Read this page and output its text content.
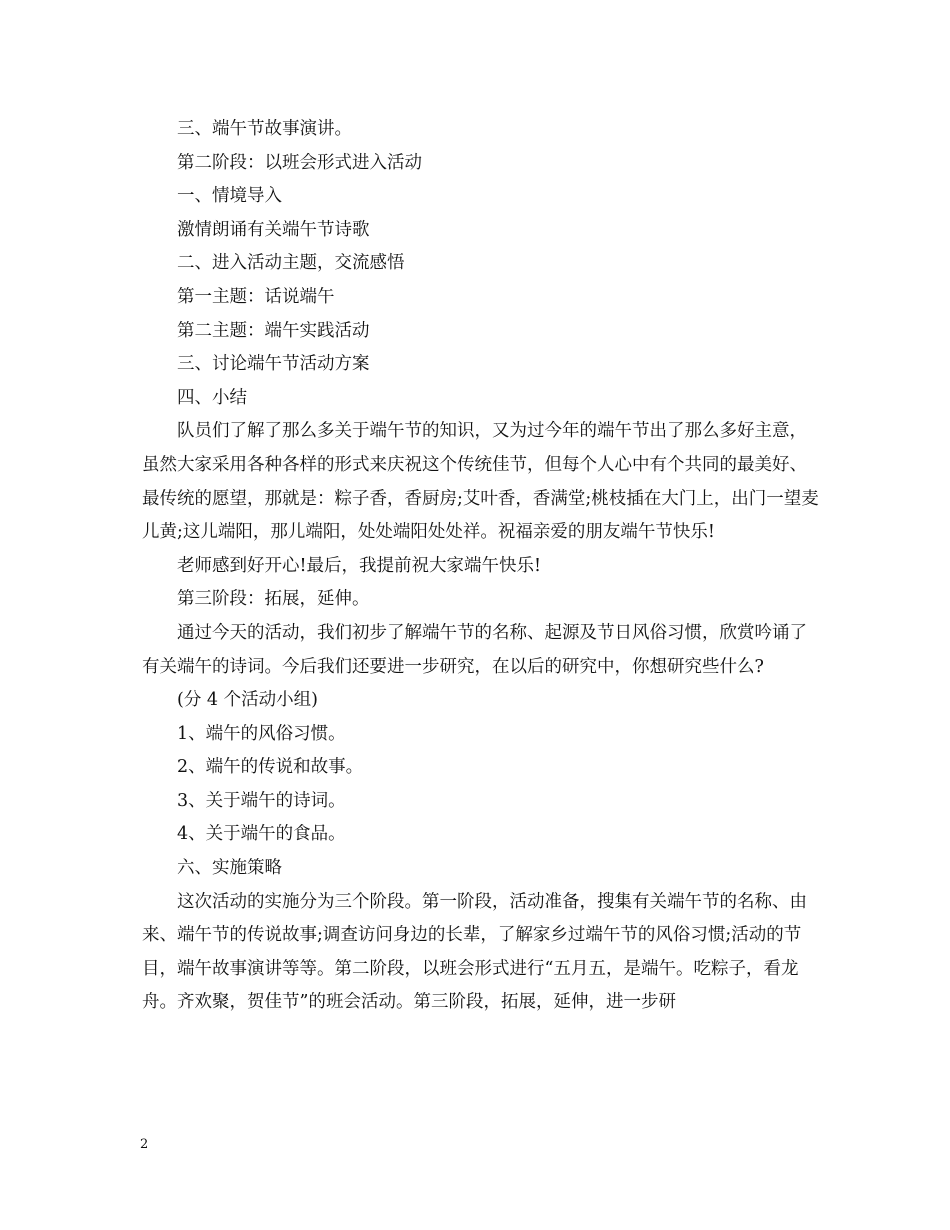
三、端午节故事演讲。

第二阶段：以班会形式进入活动

一、情境导入

激情朗诵有关端午节诗歌

二、进入活动主题，交流感悟

第一主题：话说端午

第二主题：端午实践活动

三、讨论端午节活动方案

四、小结

队员们了解了那么多关于端午节的知识，又为过今年的端午节出了那么多好主意，虽然大家采用各种各样的形式来庆祝这个传统佳节，但每个人心中有个共同的最美好、最传统的愿望，那就是：粽子香，香厨房;艾叶香，香满堂;桃枝插在大门上，出门一望麦儿黄;这儿端阳，那儿端阳，处处端阳处处祥。祝福亲爱的朋友端午节快乐!

老师感到好开心!最后，我提前祝大家端午快乐!

第三阶段：拓展，延伸。

通过今天的活动，我们初步了解端午节的名称、起源及节日风俗习惯，欣赏吟诵了有关端午的诗词。今后我们还要进一步研究，在以后的研究中，你想研究些什么?

(分 4 个活动小组)

1、端午的风俗习惯。

2、端午的传说和故事。

3、关于端午的诗词。

4、关于端午的食品。

六、实施策略

这次活动的实施分为三个阶段。第一阶段，活动准备，搜集有关端午节的名称、由来、端午节的传说故事;调查访问身边的长辈，了解家乡过端午节的风俗习惯;活动的节目，端午故事演讲等等。第二阶段，以班会形式进行“五月五，是端午。吃粽子，看龙舟。齐欢聚，贺佳节”的班会活动。第三阶段，拓展，延伸，进一步研

2
